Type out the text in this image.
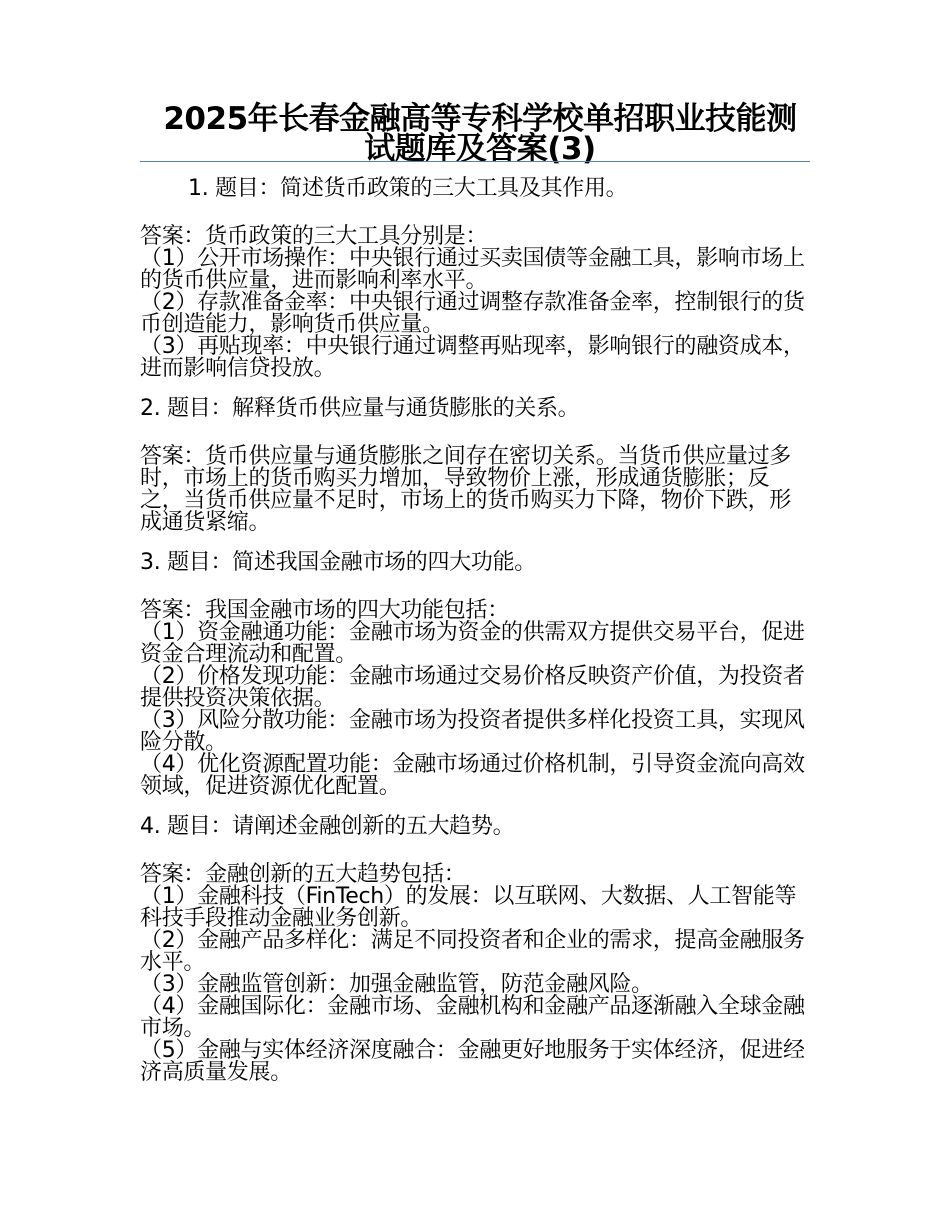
2025年长春金融高等专科学校单招职业技能测试题库及答案(3)
1. 题目：简述货币政策的三大工具及其作用。
答案：货币政策的三大工具分别是：
（1）公开市场操作：中央银行通过买卖国债等金融工具，影响市场上的货币供应量，进而影响利率水平。
（2）存款准备金率：中央银行通过调整存款准备金率，控制银行的货币创造能力，影响货币供应量。
（3）再贴现率：中央银行通过调整再贴现率，影响银行的融资成本，进而影响信贷投放。
2. 题目：解释货币供应量与通货膨胀的关系。
答案：货币供应量与通货膨胀之间存在密切关系。当货币供应量过多时，市场上的货币购买力增加，导致物价上涨，形成通货膨胀；反之，当货币供应量不足时，市场上的货币购买力下降，物价下跌，形成通货紧缩。
3. 题目：简述我国金融市场的四大功能。
答案：我国金融市场的四大功能包括：
（1）资金融通功能：金融市场为资金的供需双方提供交易平台，促进资金合理流动和配置。
（2）价格发现功能：金融市场通过交易价格反映资产价值，为投资者提供投资决策依据。
（3）风险分散功能：金融市场为投资者提供多样化投资工具，实现风险分散。
（4）优化资源配置功能：金融市场通过价格机制，引导资金流向高效领域，促进资源优化配置。
4. 题目：请阐述金融创新的五大趋势。
答案：金融创新的五大趋势包括：
（1）金融科技（FinTech）的发展：以互联网、大数据、人工智能等科技手段推动金融业务创新。
（2）金融产品多样化：满足不同投资者和企业的需求，提高金融服务水平。
（3）金融监管创新：加强金融监管，防范金融风险。
（4）金融国际化：金融市场、金融机构和金融产品逐渐融入全球金融市场。
（5）金融与实体经济深度融合：金融更好地服务于实体经济，促进经济高质量发展。
